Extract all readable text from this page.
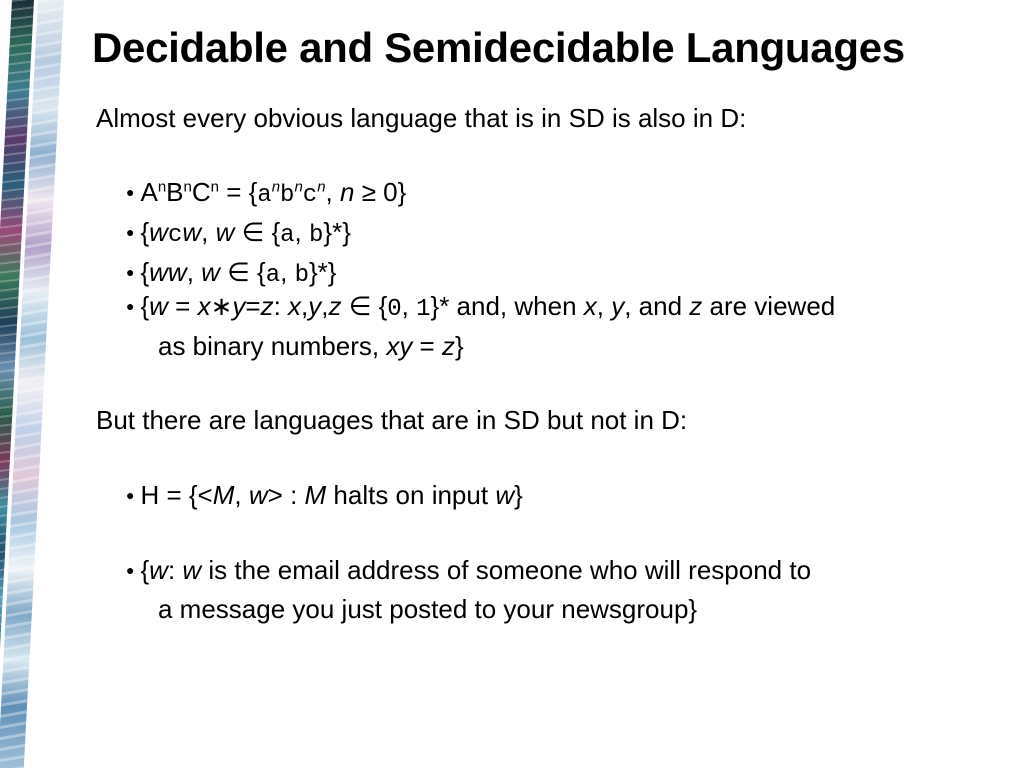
Decidable and Semidecidable Languages
Almost every obvious language that is in SD is also in D:
● $A^nB^nC^n = \{a^nb^nc^n$, n ≥ 0}
● {wcw, w ∈ {a, b}*}
● {ww, w ∈ {a, b}*}
● {w = x∗y=z: x,y,z ∈ {0, 1}* and, when x, y, and z are viewed
as binary numbers, xy = z}
But there are languages that are in SD but not in D:
● H = {<M, w> : M halts on input w}
● {w: w is the email address of someone who will respond to
a message you just posted to your newsgroup}
